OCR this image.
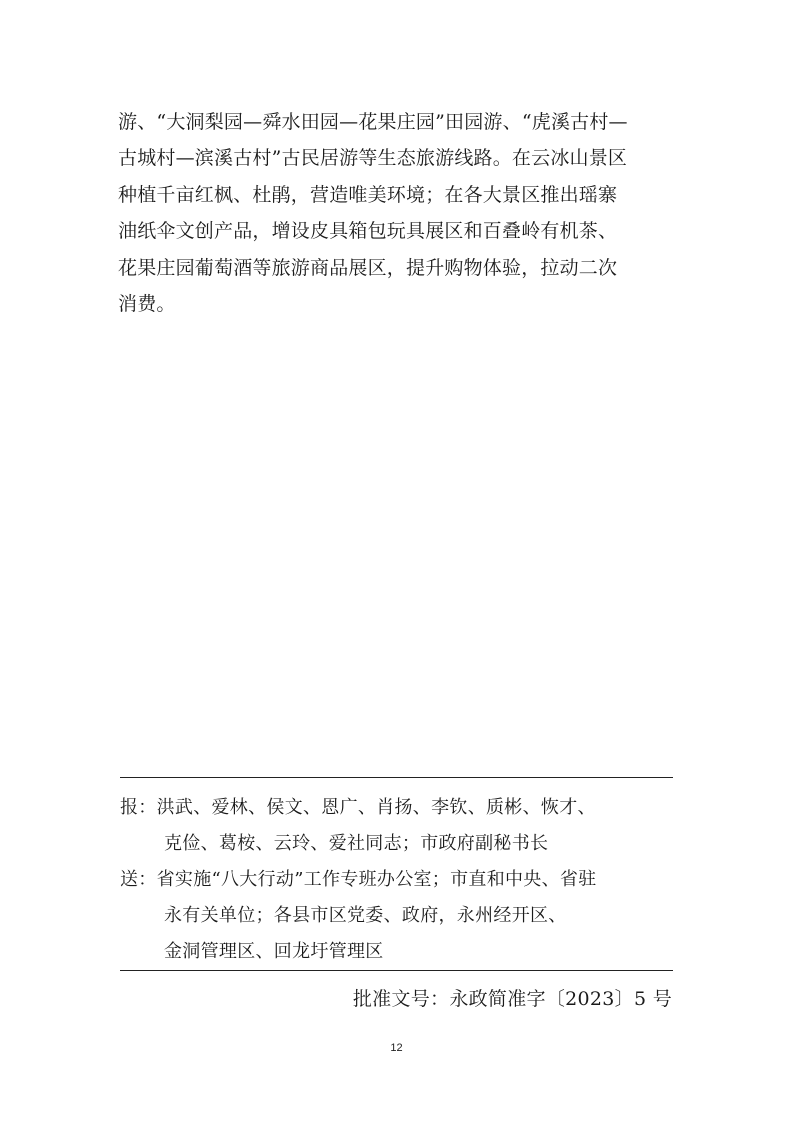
游、“大洞梨园—舜水田园—花果庄园”田园游、“虎溪古村—
古城村—滨溪古村”古民居游等生态旅游线路。在云冰山景区
种植千亩红枫、杜鹃，营造唯美环境；在各大景区推出瑶寨
油纸伞文创产品，增设皮具箱包玩具展区和百叠岭有机茶、
花果庄园葡萄酒等旅游商品展区，提升购物体验，拉动二次
消费。
报：洪武、爱林、侯文、恩广、肖扬、李钦、质彬、恢才、
克俭、葛桉、云玲、爱社同志；市政府副秘书长
送：省实施“八大行动”工作专班办公室；市直和中央、省驻
永有关单位；各县市区党委、政府，永州经开区、
金洞管理区、回龙圩管理区
批准文号：永政简准字〔2023〕5 号
12
